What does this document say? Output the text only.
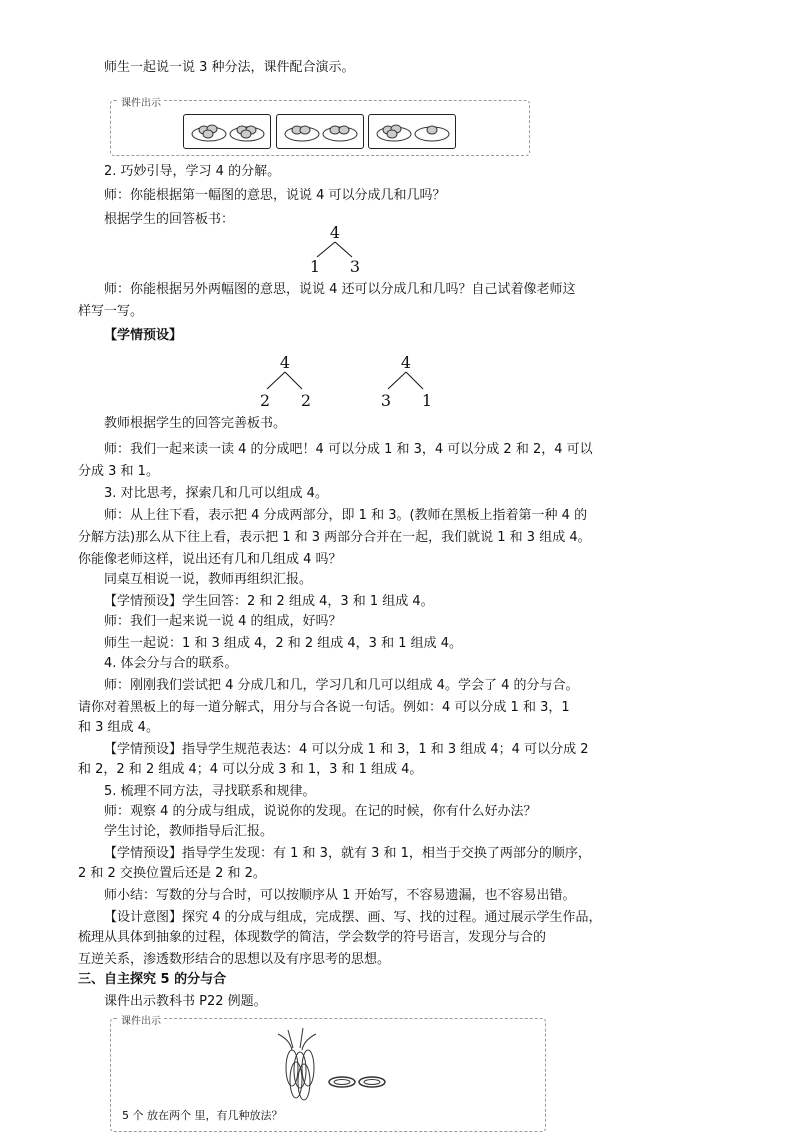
师生一起说一说 3 种分法，课件配合演示。
课件出示
2. 巧妙引导，学习 4 的分解。
师：你能根据第一幅图的意思，说说 4 可以分成几和几吗？
根据学生的回答板书：
4
1 3
师：你能根据另外两幅图的意思，说说 4 还可以分成几和几吗？自己试着像老师这
样写一写。
【学情预设】
4
2 2
4
3 1
教师根据学生的回答完善板书。
师：我们一起来读一读 4 的分成吧！4 可以分成 1 和 3，4 可以分成 2 和 2，4 可以
分成 3 和 1。
3. 对比思考，探索几和几可以组成 4。
师：从上往下看，表示把 4 分成两部分，即 1 和 3。(教师在黑板上指着第一种 4 的
分解方法)那么从下往上看，表示把 1 和 3 两部分合并在一起，我们就说 1 和 3 组成 4。
你能像老师这样，说出还有几和几组成 4 吗？
同桌互相说一说，教师再组织汇报。
【学情预设】学生回答：2 和 2 组成 4，3 和 1 组成 4。
师：我们一起来说一说 4 的组成，好吗？
师生一起说：1 和 3 组成 4，2 和 2 组成 4，3 和 1 组成 4。
4. 体会分与合的联系。
师：刚刚我们尝试把 4 分成几和几，学习几和几可以组成 4。学会了 4 的分与合。
请你对着黑板上的每一道分解式，用分与合各说一句话。例如：4 可以分成 1 和 3，1
和 3 组成 4。
【学情预设】指导学生规范表达：4 可以分成 1 和 3，1 和 3 组成 4；4 可以分成 2
和 2，2 和 2 组成 4；4 可以分成 3 和 1，3 和 1 组成 4。
5. 梳理不同方法，寻找联系和规律。
师：观察 4 的分成与组成，说说你的发现。在记的时候，你有什么好办法？
学生讨论，教师指导后汇报。
【学情预设】指导学生发现：有 1 和 3，就有 3 和 1，相当于交换了两部分的顺序，
2 和 2 交换位置后还是 2 和 2。
师小结：写数的分与合时，可以按顺序从 1 开始写，不容易遗漏，也不容易出错。
【设计意图】探究 4 的分成与组成，完成摆、画、写、找的过程。通过展示学生作品，
梳理从具体到抽象的过程，体现数学的简洁，学会数学的符号语言，发现分与合的
互逆关系，渗透数形结合的思想以及有序思考的思想。
三、自主探究 5 的分与合
课件出示教科书 P22 例题。
课件出示
5 个 放在两个 里，有几种放法？
